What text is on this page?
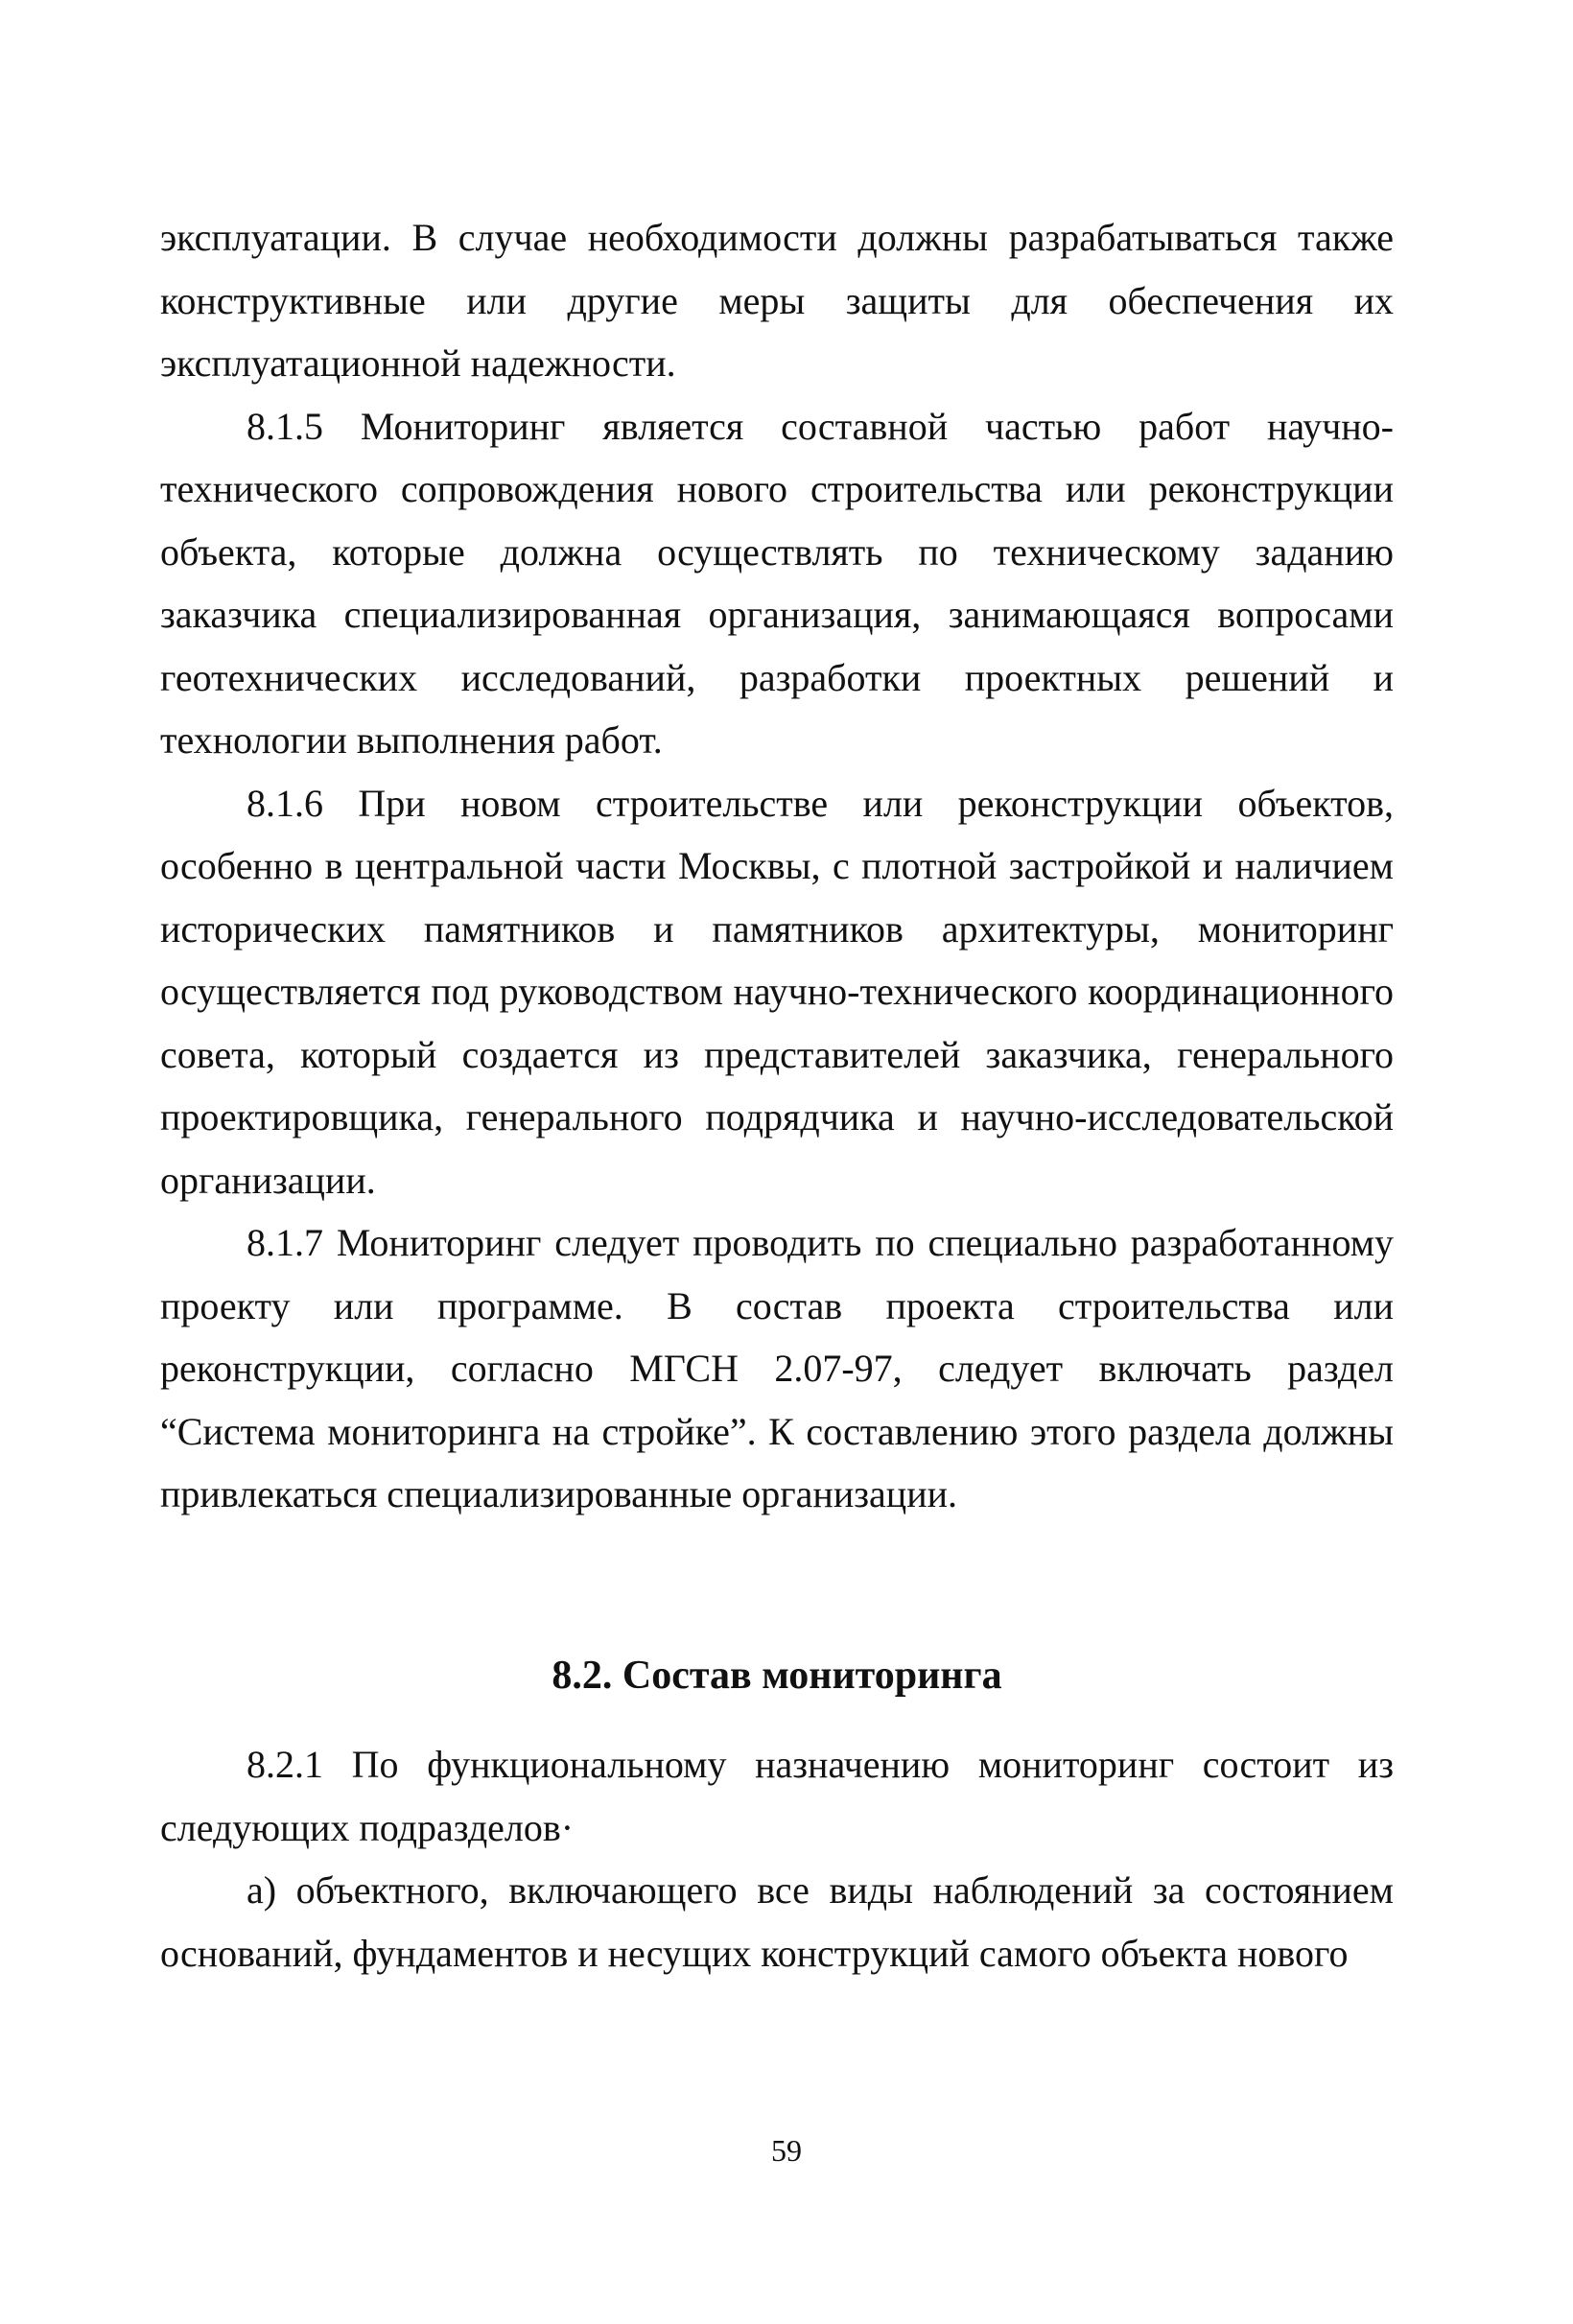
эксплуатации. В случае необходимости должны разрабатываться также конструктивные или другие меры защиты для обеспечения их эксплуатационной надежности.

8.1.5 Мониторинг является составной частью работ научно-технического сопровождения нового строительства или реконструкции объекта, которые должна осуществлять по техническому заданию заказчика специализированная организация, занимающаяся вопросами геотехнических исследований, разработки проектных решений и технологии выполнения работ.

8.1.6 При новом строительстве или реконструкции объектов, особенно в центральной части Москвы, с плотной застройкой и наличием исторических памятников и памятников архитектуры, мониторинг осуществляется под руководством научно-технического координационного совета, который создается из представителей заказчика, генерального проектировщика, генерального подрядчика и научно-исследовательской организации.

8.1.7 Мониторинг следует проводить по специально разработанному проекту или программе. В состав проекта строительства или реконструкции, согласно МГСН 2.07-97, следует включать раздел “Система мониторинга на стройке”. К составлению этого раздела должны привлекаться специализированные организации.

8.2. Состав мониторинга

8.2.1 По функциональному назначению мониторинг состоит из следующих подразделов·

а) объектного, включающего все виды наблюдений за состоянием оснований, фундаментов и несущих конструкций самого объекта нового

59
